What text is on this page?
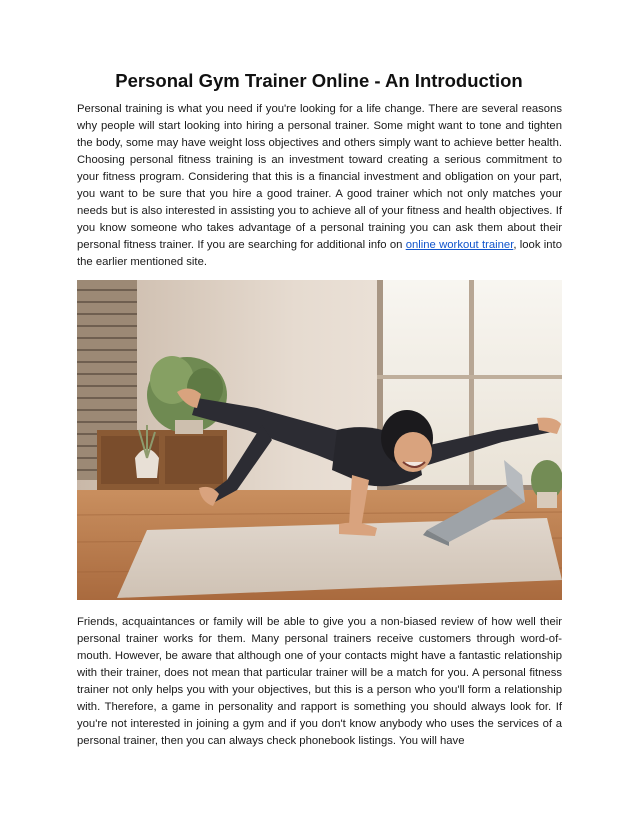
Personal Gym Trainer Online - An Introduction

Personal training is what you need if you're looking for a life change. There are several reasons why people will start looking into hiring a personal trainer. Some might want to tone and tighten the body, some may have weight loss objectives and others simply want to achieve better health. Choosing personal fitness training is an investment toward creating a serious commitment to your fitness program. Considering that this is a financial investment and obligation on your part, you want to be sure that you hire a good trainer. A good trainer which not only matches your needs but is also interested in assisting you to achieve all of your fitness and health objectives. If you know someone who takes advantage of a personal training you can ask them about their personal fitness trainer. If you are searching for additional info on online workout trainer, look into the earlier mentioned site.

Friends, acquaintances or family will be able to give you a non-biased review of how well their personal trainer works for them. Many personal trainers receive customers through word-of-mouth. However, be aware that although one of your contacts might have a fantastic relationship with their trainer, does not mean that particular trainer will be a match for you. A personal fitness trainer not only helps you with your objectives, but this is a person who you'll form a relationship with. Therefore, a game in personality and rapport is something you should always look for. If you're not interested in joining a gym and if you don't know anybody who uses the services of a personal trainer, then you can always check phonebook listings. You will have
